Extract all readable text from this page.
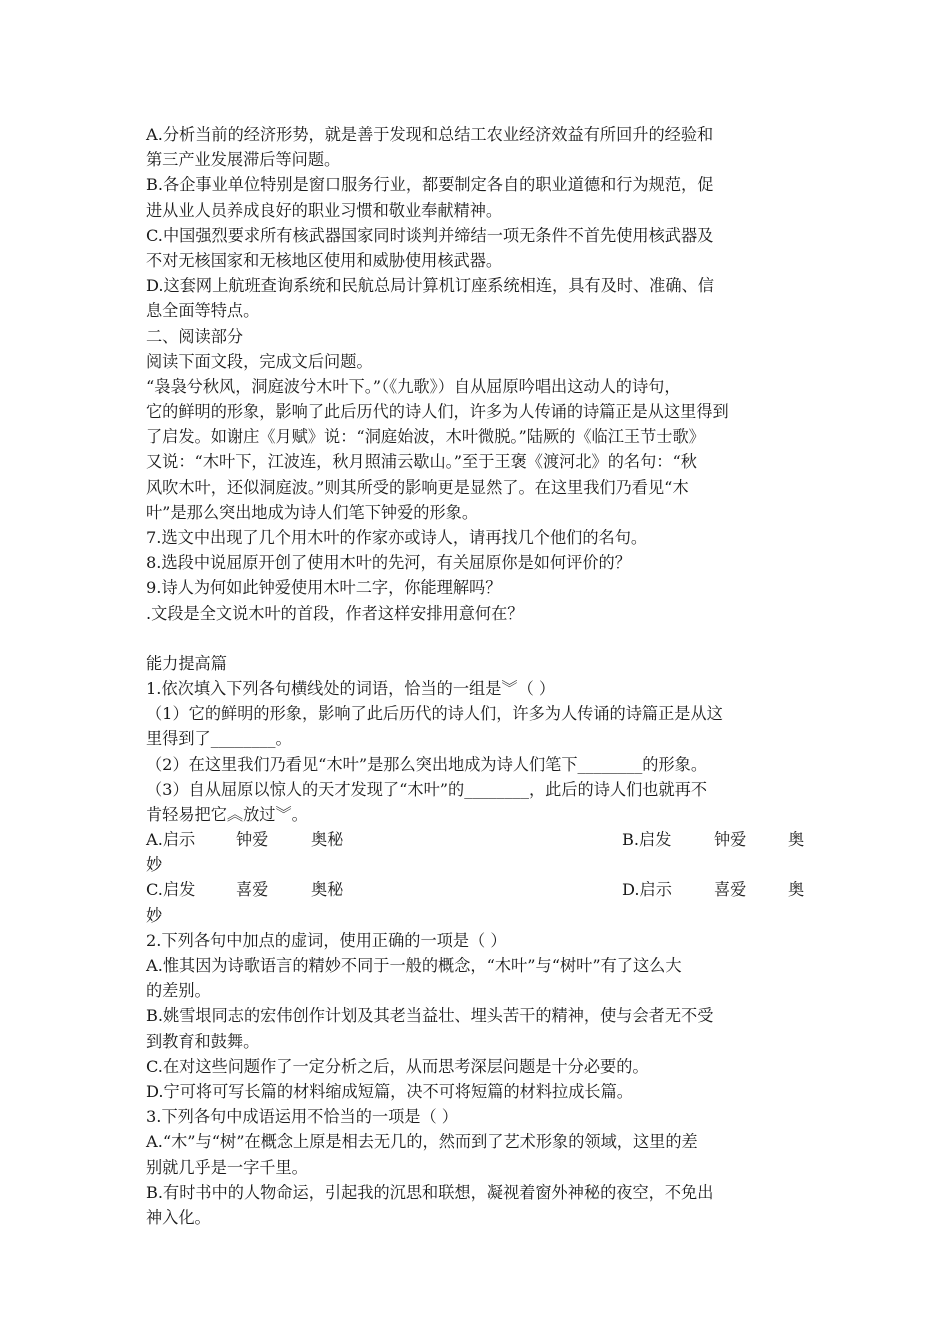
A.分析当前的经济形势，就是善于发现和总结工农业经济效益有所回升的经验和
第三产业发展滞后等问题。
B.各企事业单位特别是窗口服务行业，都要制定各自的职业道德和行为规范，促
进从业人员养成良好的职业习惯和敬业奉献精神。
C.中国强烈要求所有核武器国家同时谈判并缔结一项无条件不首先使用核武器及
不对无核国家和无核地区使用和威胁使用核武器。
D.这套网上航班查询系统和民航总局计算机订座系统相连，具有及时、准确、信
息全面等特点。
二、阅读部分
阅读下面文段，完成文后问题。
“袅袅兮秋风，洞庭波兮木叶下。”（《九歌》）自从屈原吟唱出这动人的诗句，
它的鲜明的形象，影响了此后历代的诗人们，许多为人传诵的诗篇正是从这里得到
了启发。如谢庄《月赋》说：“洞庭始波，木叶微脱。”陆厥的《临江王节士歌》
又说：“木叶下，江波连，秋月照浦云歇山。”至于王褒《渡河北》的名句：“秋
风吹木叶，还似洞庭波。”则其所受的影响更是显然了。在这里我们乃看见“木
叶”是那么突出地成为诗人们笔下钟爱的形象。
7.选文中出现了几个用木叶的作家亦或诗人，请再找几个他们的名句。
8.选段中说屈原开创了使用木叶的先河，有关屈原你是如何评价的？
9.诗人为何如此钟爱使用木叶二字，你能理解吗？
.文段是全文说木叶的首段，作者这样安排用意何在？
能力提高篇
1.依次填入下列各句横线处的词语，恰当的一组是︾（ ）
（1）它的鲜明的形象，影响了此后历代的诗人们，许多为人传诵的诗篇正是从这
里得到了________。
（2）在这里我们乃看见“木叶”是那么突出地成为诗人们笔下________的形象。
（3）自从屈原以惊人的天才发现了“木叶”的________，此后的诗人们也就再不
肯轻易把它︽放过︾。
A.启示	钟爱	奥秘	B.启发	钟爱	奥
妙
C.启发	喜爱	奥秘	D.启示	喜爱	奥
妙
2.下列各句中加点的虚词，使用正确的一项是（ ）
A.惟其因为诗歌语言的精妙不同于一般的概念，“木叶”与“树叶”有了这么大
的差别。
B.姚雪垠同志的宏伟创作计划及其老当益壮、埋头苦干的精神，使与会者无不受
到教育和鼓舞。
C.在对这些问题作了一定分析之后，从而思考深层问题是十分必要的。
D.宁可将可写长篇的材料缩成短篇，决不可将短篇的材料拉成长篇。
3.下列各句中成语运用不恰当的一项是（ ）
A.“木”与“树”在概念上原是相去无几的，然而到了艺术形象的领域，这里的差
别就几乎是一字千里。
B.有时书中的人物命运，引起我的沉思和联想，凝视着窗外神秘的夜空，不免出
神入化。
